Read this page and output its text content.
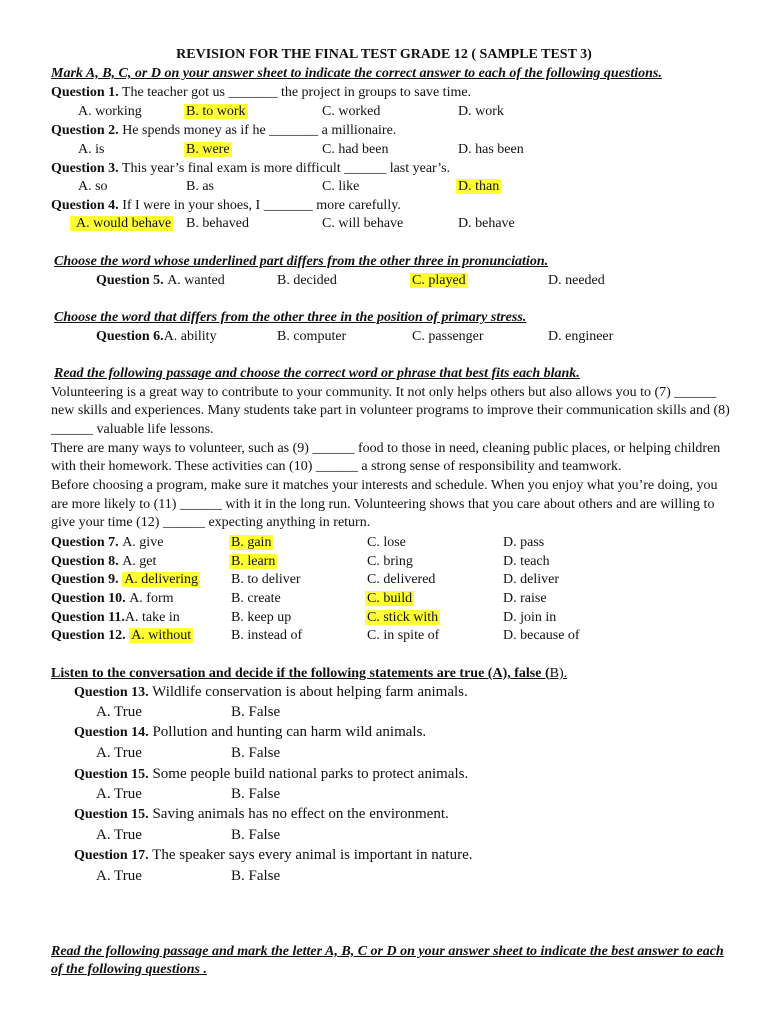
REVISION FOR THE FINAL TEST GRADE 12 ( SAMPLE TEST 3)
Mark A, B, C, or D on your answer sheet to indicate the correct answer to each of the following questions.
Question 1. The teacher got us _______ the project in groups to save time.
A. working	B. to work	C. worked	D. work
Question 2. He spends money as if he _______ a millionaire.
A. is	B. were	C. had been	D. has been
Question 3. This year’s final exam is more difficult ______ last year’s.
A. so	B. as	C. like	D. than
Question 4. If I were in your shoes, I _______ more carefully.
A. would behave B. behaved	C. will behave	D. behave
Choose the word whose underlined part differs from the other three in pronunciation.
Question 5. A. wanted	B. decided	C. played	D. needed
Choose the word that differs from the other three in the position of primary stress.
Question 6.A. ability	B. computer	C. passenger	D. engineer
Read the following passage and choose the correct word or phrase that best fits each blank.
Volunteering is a great way to contribute to your community. It not only helps others but also allows you to (7) ______
new skills and experiences. Many students take part in volunteer programs to improve their communication skills and (8)
______ valuable life lessons.
There are many ways to volunteer, such as (9) ______ food to those in need, cleaning public places, or helping children
with their homework. These activities can (10) ______ a strong sense of responsibility and teamwork.
Before choosing a program, make sure it matches your interests and schedule. When you enjoy what you’re doing, you
are more likely to (11) ______ with it in the long run. Volunteering shows that you care about others and are willing to
give your time (12) ______ expecting anything in return.
Question 7. A. give	B. gain	C. lose	D. pass
Question 8. A. get	B. learn	C. bring	D. teach
Question 9. A. delivering B. to deliver	C. delivered	D. deliver
Question 10. A. form	B. create	C. build	D. raise
Question 11.A. take in	B. keep up	C. stick with	D. join in
Question 12. A. without	B. instead of	C. in spite of	D. because of
Listen to the conversation and decide if the following statements are true (A), false (B).
Question 13. Wildlife conservation is about helping farm animals.
A. True	B. False
Question 14. Pollution and hunting can harm wild animals.
A. True	B. False
Question 15. Some people build national parks to protect animals.
A. True	B. False
Question 15. Saving animals has no effect on the environment.
A. True	B. False
Question 17. The speaker says every animal is important in nature.
A. True	B. False
Read the following passage and mark the letter A, B, C or D on your answer sheet to indicate the best answer to each
of the following questions .
